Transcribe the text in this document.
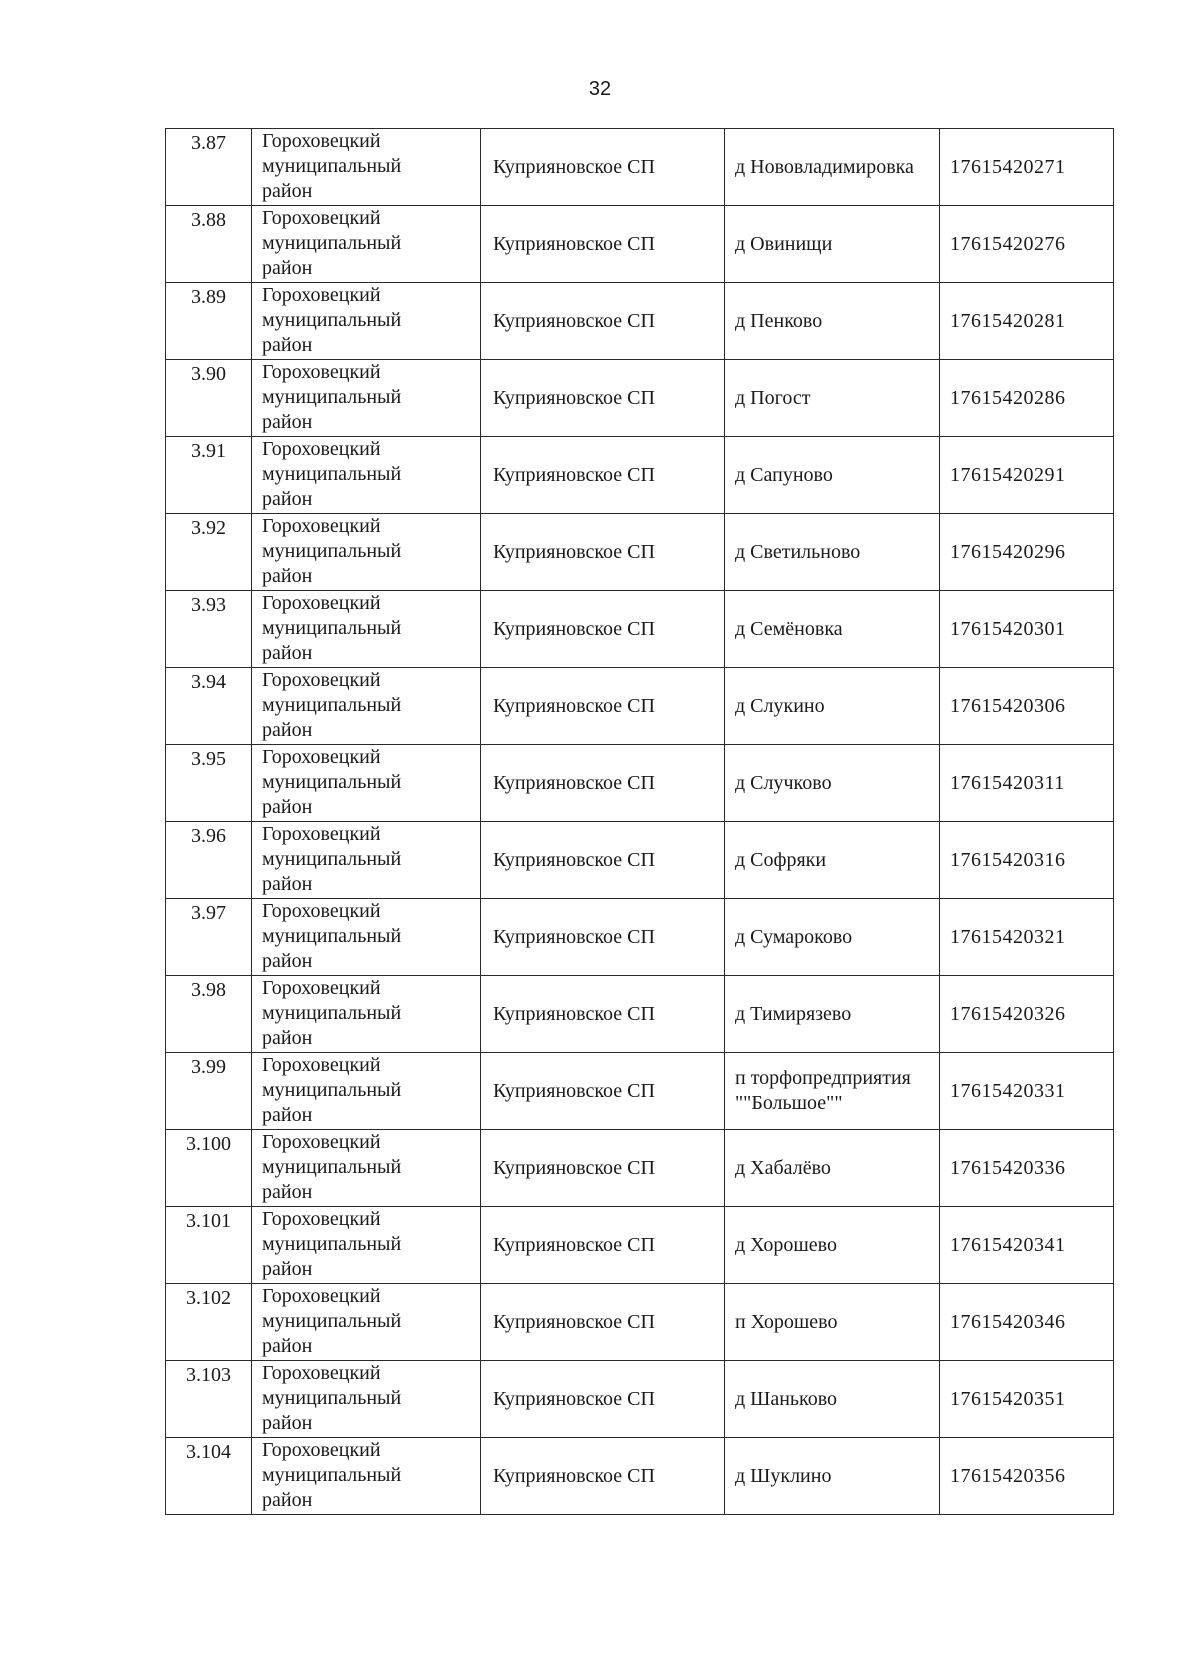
32
3.87	Гороховецкий
муниципальный
район	Куприяновское СП	д Нововладимировка	17615420271
3.88	Гороховецкий
муниципальный
район	Куприяновское СП	д Овинищи	17615420276
3.89	Гороховецкий
муниципальный
район	Куприяновское СП	д Пенково	17615420281
3.90	Гороховецкий
муниципальный
район	Куприяновское СП	д Погост	17615420286
3.91	Гороховецкий
муниципальный
район	Куприяновское СП	д Сапуново	17615420291
3.92	Гороховецкий
муниципальный
район	Куприяновское СП	д Светильново	17615420296
3.93	Гороховецкий
муниципальный
район	Куприяновское СП	д Семёновка	17615420301
3.94	Гороховецкий
муниципальный
район	Куприяновское СП	д Слукино	17615420306
3.95	Гороховецкий
муниципальный
район	Куприяновское СП	д Случково	17615420311
3.96	Гороховецкий
муниципальный
район	Куприяновское СП	д Софряки	17615420316
3.97	Гороховецкий
муниципальный
район	Куприяновское СП	д Сумароково	17615420321
3.98	Гороховецкий
муниципальный
район	Куприяновское СП	д Тимирязево	17615420326
3.99	Гороховецкий
муниципальный
район	Куприяновское СП	п торфопредприятия ""Большое""	17615420331
3.100	Гороховецкий
муниципальный
район	Куприяновское СП	д Хабалёво	17615420336
3.101	Гороховецкий
муниципальный
район	Куприяновское СП	д Хорошево	17615420341
3.102	Гороховецкий
муниципальный
район	Куприяновское СП	п Хорошево	17615420346
3.103	Гороховецкий
муниципальный
район	Куприяновское СП	д Шаньково	17615420351
3.104	Гороховецкий
муниципальный
район	Куприяновское СП	д Шуклино	17615420356
